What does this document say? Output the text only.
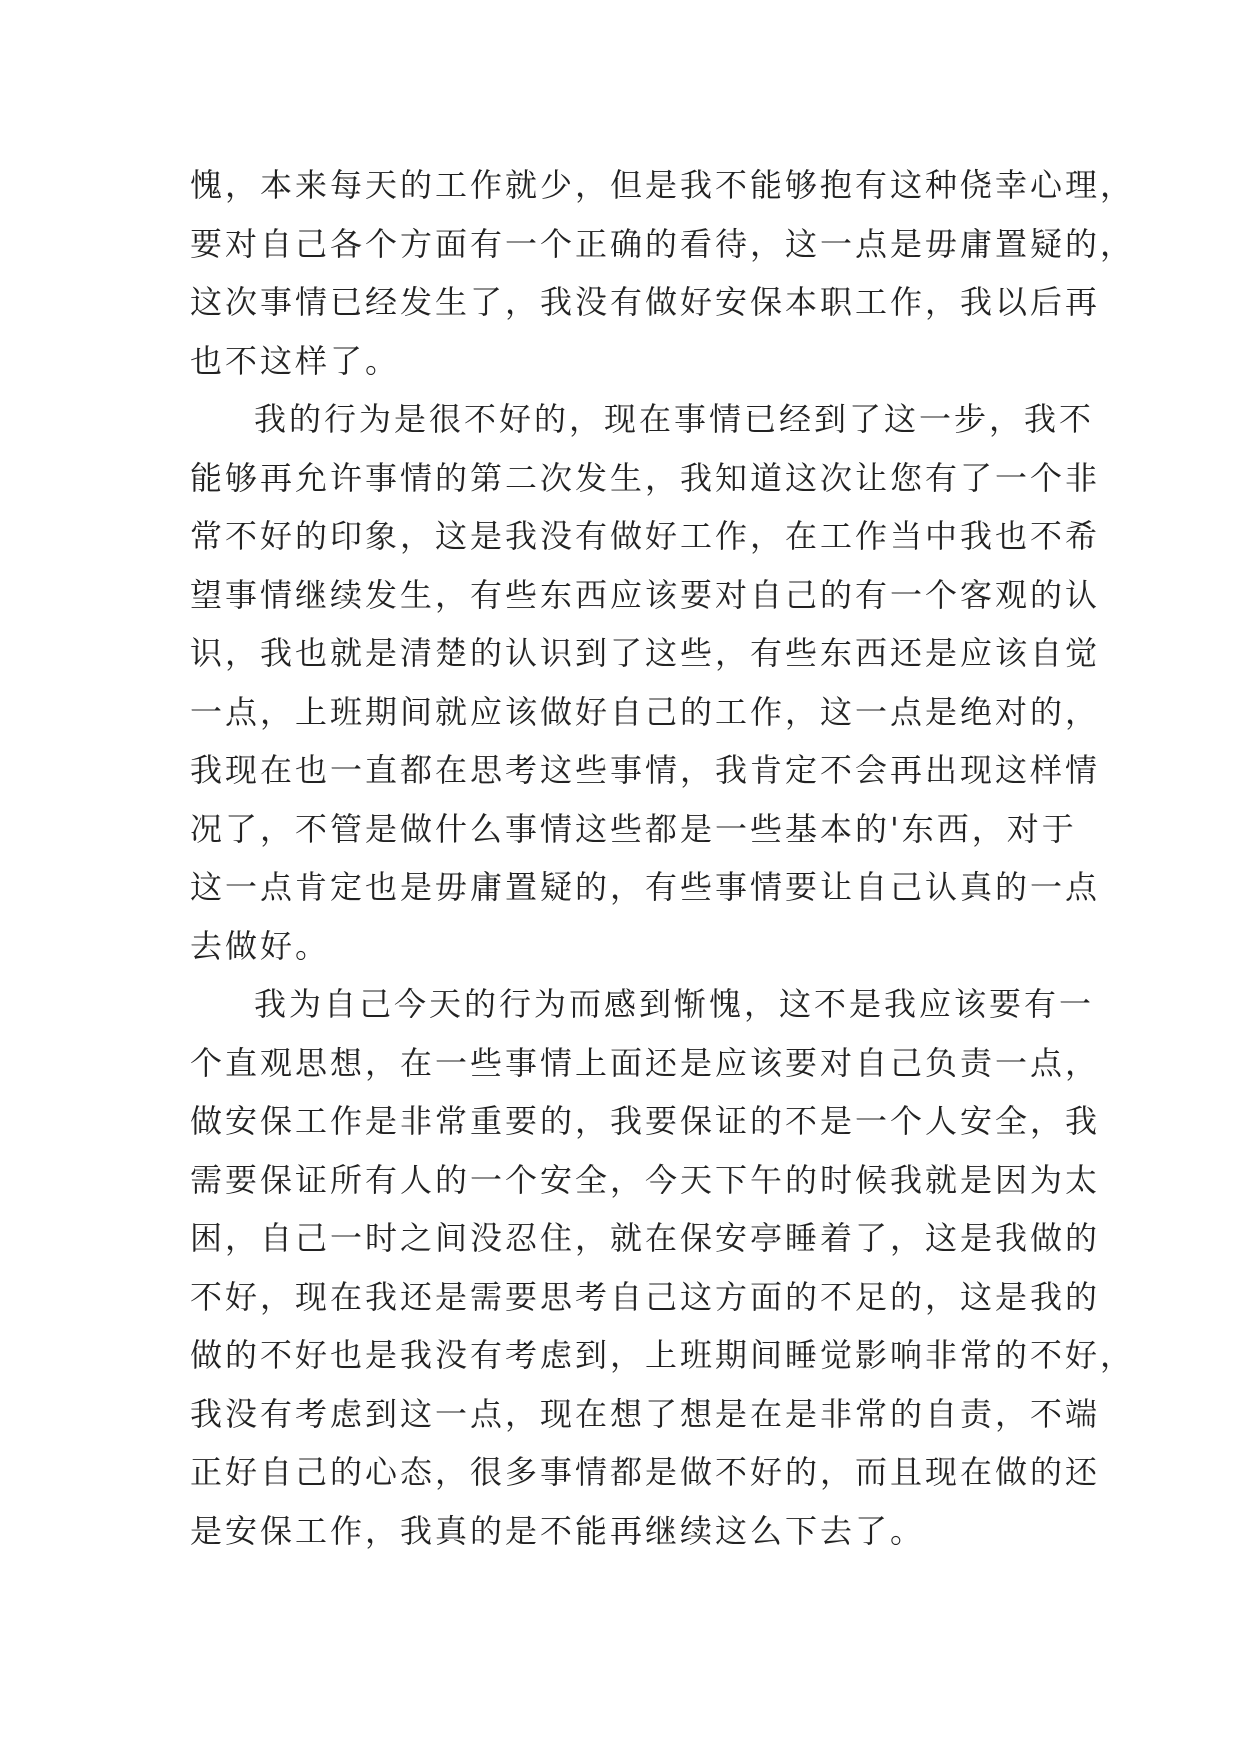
愧，本来每天的工作就少，但是我不能够抱有这种侥幸心理，
要对自己各个方面有一个正确的看待，这一点是毋庸置疑的，
这次事情已经发生了，我没有做好安保本职工作，我以后再
也不这样了。
我的行为是很不好的，现在事情已经到了这一步，我不
能够再允许事情的第二次发生，我知道这次让您有了一个非
常不好的印象，这是我没有做好工作，在工作当中我也不希
望事情继续发生，有些东西应该要对自己的有一个客观的认
识，我也就是清楚的认识到了这些，有些东西还是应该自觉
一点，上班期间就应该做好自己的工作，这一点是绝对的，
我现在也一直都在思考这些事情，我肯定不会再出现这样情
况了，不管是做什么事情这些都是一些基本的'东西，对于
这一点肯定也是毋庸置疑的，有些事情要让自己认真的一点
去做好。
我为自己今天的行为而感到惭愧，这不是我应该要有一
个直观思想，在一些事情上面还是应该要对自己负责一点，
做安保工作是非常重要的，我要保证的不是一个人安全，我
需要保证所有人的一个安全，今天下午的时候我就是因为太
困，自己一时之间没忍住，就在保安亭睡着了，这是我做的
不好，现在我还是需要思考自己这方面的不足的，这是我的
做的不好也是我没有考虑到，上班期间睡觉影响非常的不好，
我没有考虑到这一点，现在想了想是在是非常的自责，不端
正好自己的心态，很多事情都是做不好的，而且现在做的还
是安保工作，我真的是不能再继续这么下去了。
